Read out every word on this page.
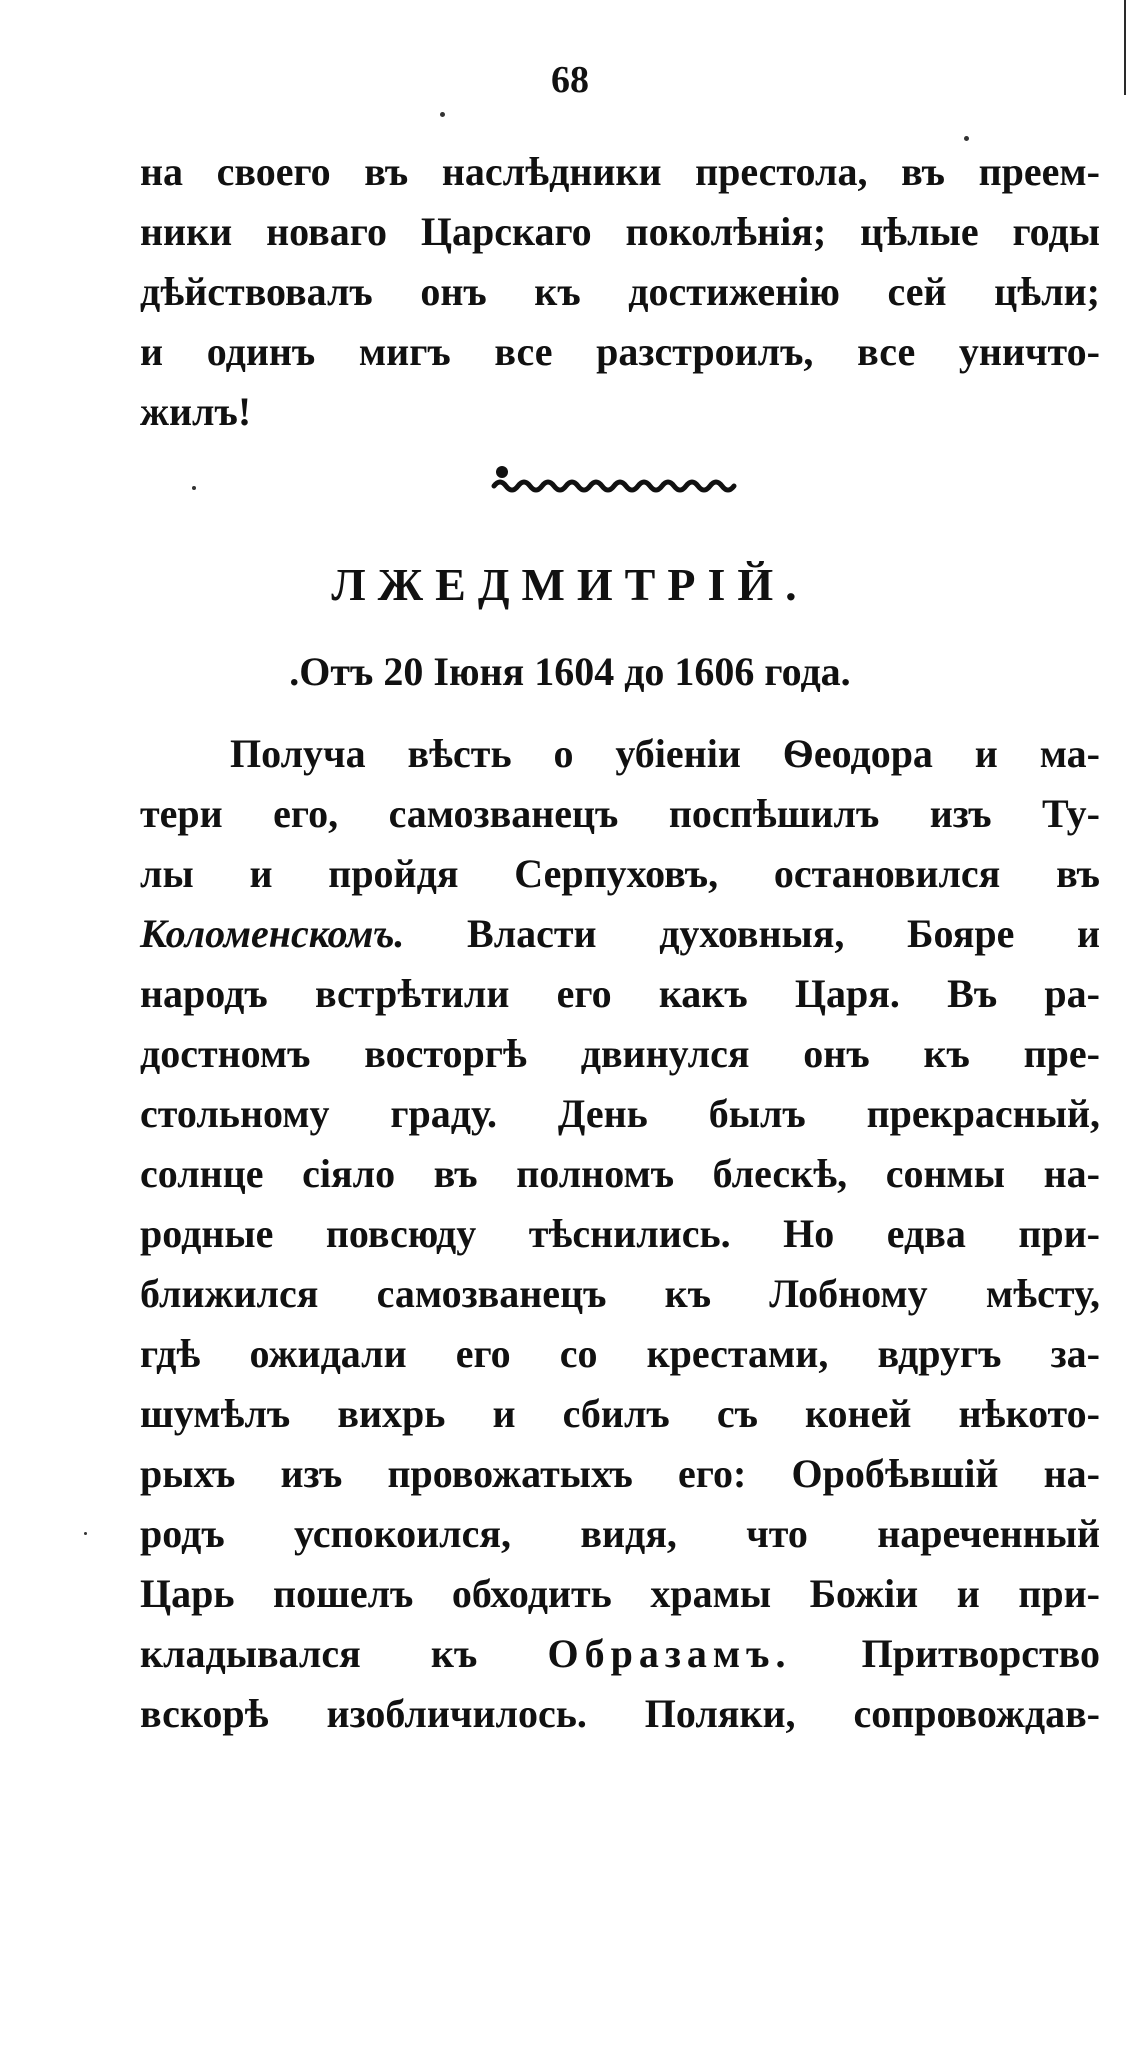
68
на своего въ наслѣдники престола, въ преем-
ники новаго Царскаго поколѣнія; цѣлые годы
дѣйствовалъ онъ къ достиженію сей цѣли;
и одинъ мигъ все разстроилъ, все уничто-
жилъ!
ЛЖЕДМИТРІЙ.
.Отъ 20 Іюня 1604 до 1606 года.
Получа вѣсть о убіеніи Ѳеодора и ма-
тери его, самозванецъ поспѣшилъ изъ Ту-
лы и пройдя Серпуховъ, остановился въ
Коломенскомъ. Власти духовныя, Бояре и
народъ встрѣтили его какъ Царя. Въ ра-
достномъ восторгѣ двинулся онъ къ пре-
стольному граду. День былъ прекрасный,
солнце сіяло въ полномъ блескѣ, сонмы на-
родные повсюду тѣснились. Но едва при-
ближился самозванецъ къ Лобному мѣсту,
гдѣ ожидали его со крестами, вдругъ за-
шумѣлъ вихрь и сбилъ съ коней нѣкото-
рыхъ изъ провожатыхъ его: Оробѣвшій на-
родъ успокоился, видя, что нареченный
Царь пошелъ обходить храмы Божіи и при-
кладывался къ Образамъ. Притворство
вскорѣ изобличилось. Поляки, сопровождав-
